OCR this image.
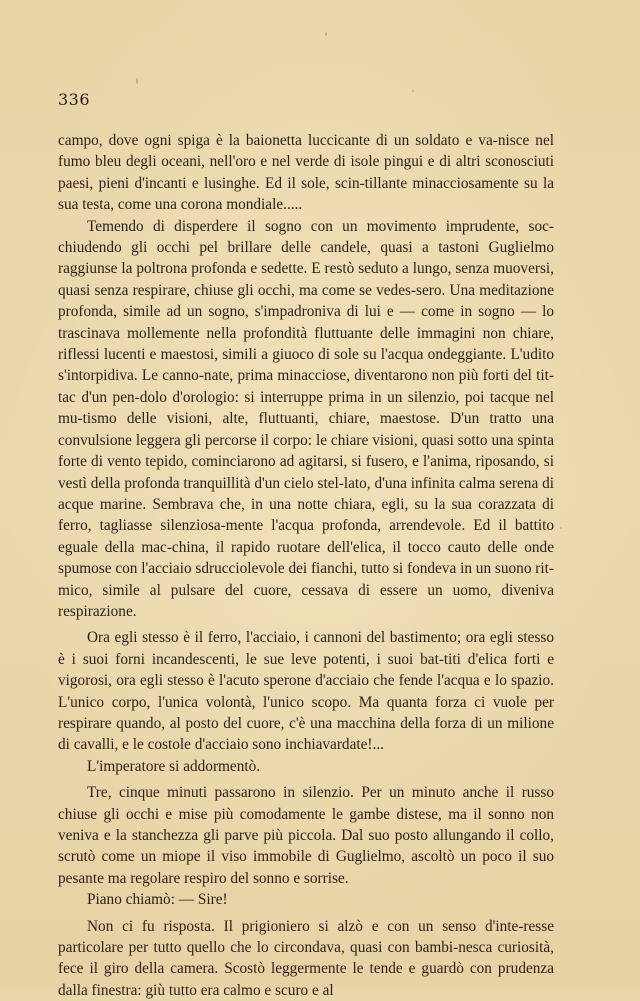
336

campo, dove ogni spiga è la baionetta luccicante di un soldato e va-nisce nel fumo bleu degli oceani, nell'oro e nel verde di isole pingui e di altri sconosciuti paesi, pieni d'incanti e lusinghe. Ed il sole, scin-tillante minacciosamente su la sua testa, come una corona mondiale.....

Temendo di disperdere il sogno con un movimento imprudente, soc-chiudendo gli occhi pel brillare delle candele, quasi a tastoni Guglielmo raggiunse la poltrona profonda e sedette. E restò seduto a lungo, senza muoversi, quasi senza respirare, chiuse gli occhi, ma come se vedes-sero. Una meditazione profonda, simile ad un sogno, s'impadroniva di lui e — come in sogno — lo trascinava mollemente nella profondità fluttuante delle immagini non chiare, riflessi lucenti e maestosi, simili a giuoco di sole su l'acqua ondeggiante. L'udito s'intorpidiva. Le canno-nate, prima minacciose, diventarono non più forti del tit-tac d'un pen-dolo d'orologio: si interruppe prima in un silenzio, poi tacque nel mu-tismo delle visioni, alte, fluttuanti, chiare, maestose. D'un tratto una convulsione leggera gli percorse il corpo: le chiare visioni, quasi sotto una spinta forte di vento tepido, cominciarono ad agitarsi, si fusero, e l'anima, riposando, si vestì della profonda tranquillità d'un cielo stel-lato, d'una infinita calma serena di acque marine. Sembrava che, in una notte chiara, egli, su la sua corazzata di ferro, tagliasse silenziosa-mente l'acqua profonda, arrendevole. Ed il battito eguale della mac-china, il rapido ruotare dell'elica, il tocco cauto delle onde spumose con l'acciaio sdrucciolevole dei fianchi, tutto si fondeva in un suono rit-mico, simile al pulsare del cuore, cessava di essere un uomo, diveniva respirazione.

Ora egli stesso è il ferro, l'acciaio, i cannoni del bastimento; ora egli stesso è i suoi forni incandescenti, le sue leve potenti, i suoi bat-titi d'elica forti e vigorosi, ora egli stesso è l'acuto sperone d'acciaio che fende l'acqua e lo spazio. L'unico corpo, l'unica volontà, l'unico scopo. Ma quanta forza ci vuole per respirare quando, al posto del cuore, c'è una macchina della forza di un milione di cavalli, e le costole d'acciaio sono inchiavardate!...

L'imperatore si addormentò.

Tre, cinque minuti passarono in silenzio. Per un minuto anche il russo chiuse gli occhi e mise più comodamente le gambe distese, ma il sonno non veniva e la stanchezza gli parve più piccola. Dal suo posto allungando il collo, scrutò come un miope il viso immobile di Guglielmo, ascoltò un poco il suo pesante ma regolare respiro del sonno e sorrise.

Piano chiamò: — Sire!

Non ci fu risposta. Il prigioniero si alzò e con un senso d'inte-resse particolare per tutto quello che lo circondava, quasi con bambi-nesca curiosità, fece il giro della camera. Scostò leggermente le tende e guardò con prudenza dalla finestra: giù tutto era calmo e scuro e al
